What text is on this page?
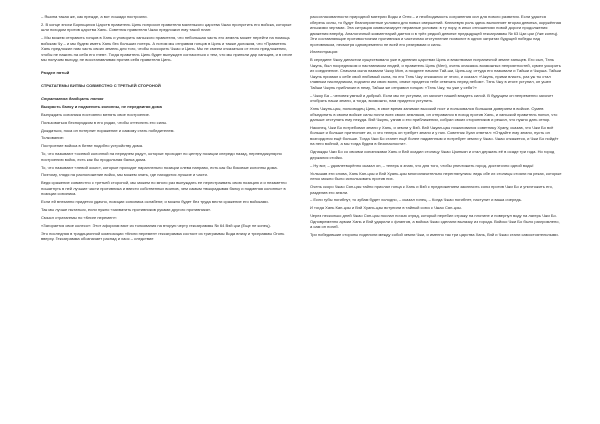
– Яшина такая же, как прежде, а вот лошади построили.

2. В конце эпохи Борющихся Царств правитель Цинь попросил правителя маленького царства Чжао пропустить его войска, которые шли походом против царства Хань. Советник правителя Чжао предложил ему такой план:

– Мы можем отправить гонцов в Хань и уговорить ханьского правителя, что небольшая часть его земель может перейти на помощь войскам Чу – и мы будем иметь Хань без больших потерь. А потом мы отправим гонцов в Цинь и также доложим, что «Правитель Хань предложил нам часть своих земель для того, чтобы поссорить Чжао и Цинь. Мы не смеем отказаться от этого предложения, чтобы не нажить на себя его гнев». Тогда правитель Цинь будет вынужден согласиться с тем, что мы приняли дар ханьцев, и в итоге мы получим выгоду, не восстанавливая против себя правителя Цинь.

Раздел пятый

СТРАТАГЕМЫ БИТВЫ СОВМЕСТНО С ТРЕТЬЕЙ СТОРОНОЙ

Стратагема двадцать пятая

Выкрасть балку и подменить колонны, не передвигая дома

Вынуждать союзника постоянно менять свое построение.

Пользоваться беспорядком в его рядах, чтобы оттеснить его силы.

Дождаться, пока он потерпит поражение и самому стать победителем.

Толкование:

Построение войска в битве подобно устройству дома.

То, что называют «осевой колонной на переднем ряду», которые проходят по центру позиции спереди назад, перпендикулярно построению войск, есть как бы продольная балка дома.

То, что называют «левой осью», которые проходят параллельно позиции слева направо, есть как бы боковые колонны дома.

Поэтому, глядя на расположение войск, мы можем знать, где находятся лучшие и части.

Ведя сражение совместно с третьей стороной, мы можем по много раз вынуждать ее перестраивать свою позицию и и незаметно пошатнуть в ней лучшие части противника и ввести собственных воинов, чем самым «выкрадывая балку и подменяя колонны» в позиции союзника.

Если ей внезапно придется удачно, позиции союзника ослабеют, и можно будет без труда вести сражение его войсками.

Так мы лучше пытаться, если нужно «захватить противников руками другого противника».

Смысл стратагемы по «Книге перемен»:

«Загорается свое колесо»: Этот афоризм взят из толкования на вторую черту гексаграммы № 64 Вэй цзи (Еще не конец).

Это последняя в традиционной композиции «Книги перемен» гексаграмма состоит из триграммы Вода внизу и триграммы Огонь вверху. Гексаграмма обозначает распад и хаос – следствие

рассогласованности природной материи Воды и Огня – и необходимость сохранения сил для нового развития. Если удастся сберечь силы, то будут благоприятные условия для новых свершений. Ключевую роль здесь выполняет вторая девятка, окружённая иньскими чертами. Эта ситуация символизирует неравные условия: в ту пору, в иных отношениях новой дороги продолжения движения вперёд. Аналогичный комментарий дается и в трёх редкой девятке предыдущей гексаграммы № 63 Цзи цзи (Уже конец). Эти составляющие противостоянии противника и частичная отступление позволит в одних затратах будущей победы над противником, несмотря одновременно не всей его резервами и силы.

Иллюстрация:

В середине Чжоу династии существовало уже в древних царствах Цинь и властвовал пограничной земле ханьцев. Его сын, Тэнь Чжунь, был посредником и наставником людей, и правитель Цинь (Мен), очень опасаясь возможных неприятностей, сумел ускорить их соединение. Сначала сына назвали Чжоу Мин, а позднее начали Тай-ши, Цинь-шу, оттуда его называли и Тайши и Чжуша. Тайши Чжунь призвал к себе свой любимый сына, но его Тэнь Чжу отказался от этого, и сказал: «Чжунь, прими власть, раз уж ты стал главным наследником, подчини им свою волю, иначе придется тебе отвечать перед небом». Тэнь Чжу в итоге уступил, он ушел Тайши Чжунь приблизил в нему, Тайши же отправил гонцов: «Тэнь Чжу, ты уже у себя?»

– Чжоу Ба – человек умный и добрый. Если мы не уступим, он захочет нашей владеть силой. В будущем он непременно захочет отобрать наши земли, а тогда, возможно, нам придется уступить.

Хэнь Чжунь-цзы, полководец Цинь, в свое время занимал высокий пост и пользовался большим доверием в войске. Сумев объединить в своем войске силы почти всех своих земляков, он отправился в поход против Хань, и ханьский правитель понял, что дальше отступать ему некуда. Вэй Чжунь, узнав о его приближении, собрал своих сторонников и решил, что нужно дать отпор.

Наконец, Чжи Бо потребовал земли у Хань, и земли у Вэй. Вэй Чжуан-цзы пожаловался советнику Хуану, сказав, что Чжи Бо всё больше и больше притесняет их, и что теперь он требует земли и у них. Советник Хуан ответил: «Отдайте ему земли, пусть он возгордится ещё больше. Тогда Чжи Бо станет ещё более надменным и потребует земли у Чжао. Чжао откажется, и Чжи Бо пойдёт на него войной, а мы тогда будем в безопасности».

Однажды Чжи Бо со своими союзниками Хань и Вэй осадил столицу Чжао Цзиньян и стал держать её в осаде три года. Но город держался стойко.

– Ну вот, – удовлетворённо сказал он, – теперь я знаю, что для того, чтобы уничтожить город, достаточно одной воды!

Услышав эти слова, Хань Кан-цзы и Вэй Хуань-цзы многозначительно переглянулись: ведь обе их столицы стояли на реках, которые легко можно было использовать против них.

Очень скоро Чжао Сян-цзы тайно прислал гонца к Хань и Вэй с предложением заключить союз против Чжи Бо и уничтожить его, разделив его земли.

– Если губы погибнут, то зубам будет холодно, – сказал гонец. – Когда Чжао погибнет, наступит и ваша очередь.

И тогда Хань Кан-цзы и Вэй Хуань-цзы вступили в тайный союз с Чжао Сян-цзы.

Через несколько дней Чжао Сян-цзы послал ночью отряд, который перебил стражу на плотине и повернул воду на лагерь Чжи Бо. Одновременно армии Хань и Вэй ударили с флангов, а войска Чжао сделали вылазку из города. Войско Чжи Бо было разгромлено, а сам он погиб.

Три победившие стороны поделили между собой земли Чжи, и именно так три царства Хань, Вэй и Чжао стали самостоятельными.
